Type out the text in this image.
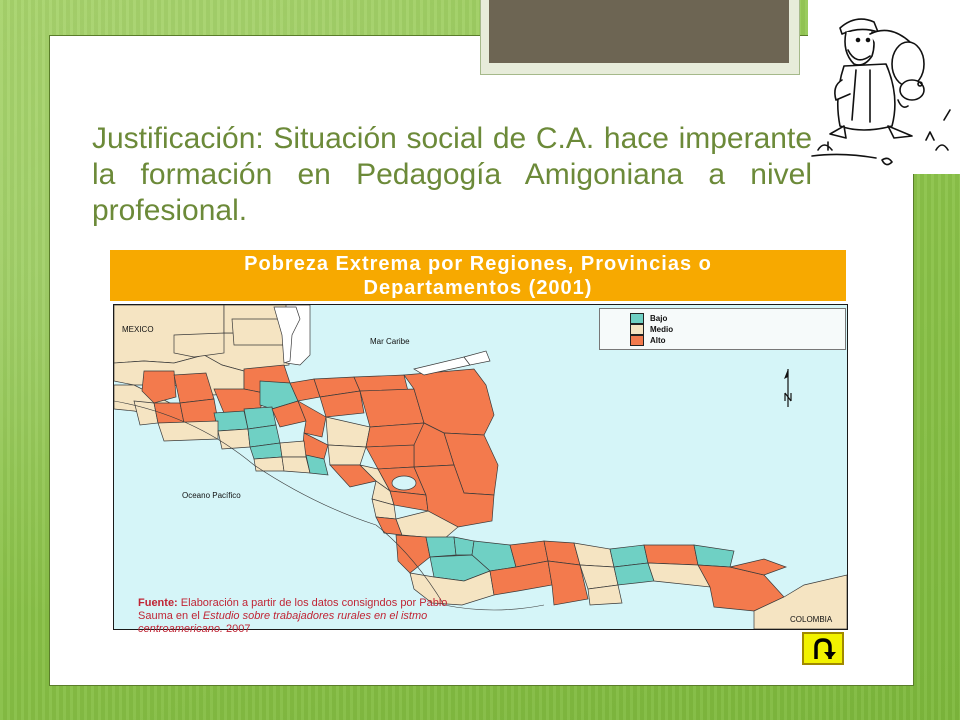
Justificación: Situación social de C.A. hace imperante la formación en Pedagogía Amigoniana a nivel profesional.
Pobreza Extrema por Regiones, Provincias o
Departamentos (2001)
MEXICO
Mar Caribe
Oceano Pacífico
COLOMBIA
Bajo
Medio
Alto

Fuente: Elaboración a partir de los datos consigndos por Pablo Sauma en el Estudio sobre trabajadores rurales en el istmo centroamericano. 2007
